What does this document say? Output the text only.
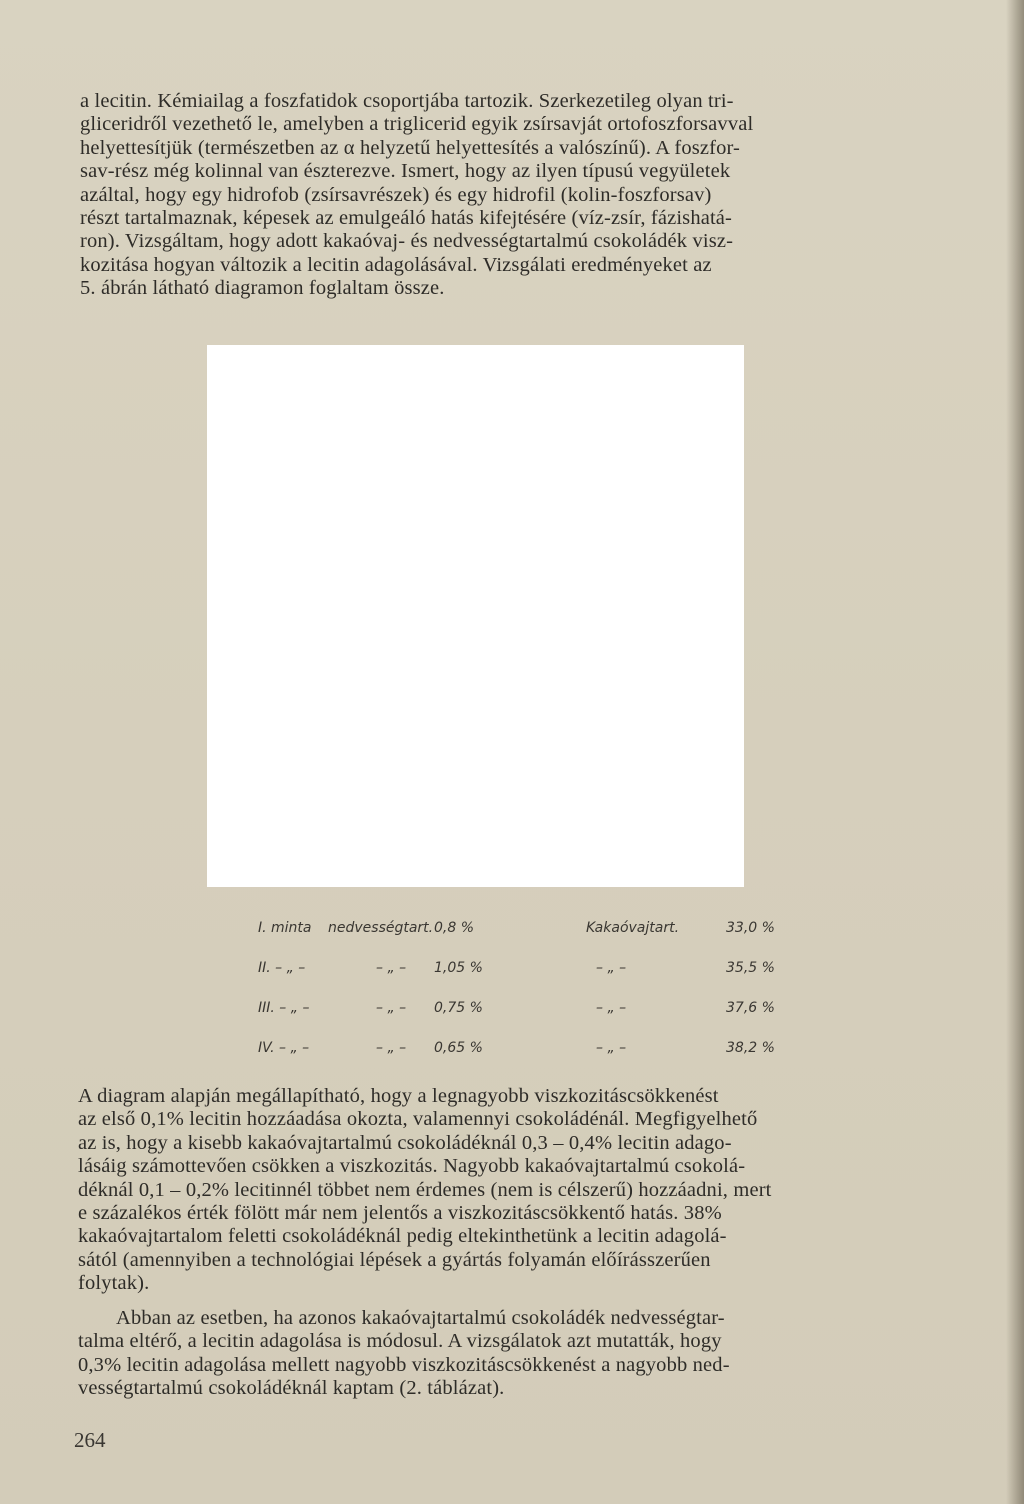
a lecitin. Kémiailag a foszfatidok csoportjába tartozik. Szerkezetileg olyan tri-
gliceridről vezethető le, amelyben a triglicerid egyik zsírsavját ortofoszforsavval
helyettesítjük (természetben az α helyzetű helyettesítés a valószínű). A foszfor-
sav-rész még kolinnal van észterezve. Ismert, hogy az ilyen típusú vegyületek
azáltal, hogy egy hidrofob (zsírsavrészek) és egy hidrofil (kolin-foszforsav)
részt tartalmaznak, képesek az emulgeáló hatás kifejtésére (víz-zsír, fázishatá-
ron). Vizsgáltam, hogy adott kakaóvaj- és nedvességtartalmú csokoládék visz-
kozitása hogyan változik a lecitin adagolásával. Vizsgálati eredményeket az
5. ábrán látható diagramon foglaltam össze.
I. minta nedvességtart. 0,8 %	Kakaóvajtart.	33,0 %
II. – „ –	– „ – 1,05 %	– „ –	35,5 %
III. – „ –	– „ – 0,75 %	– „ –	37,6 %
IV. – „ –	– „ – 0,65 %	– „ –	38,2 %
A diagram alapján megállapítható, hogy a legnagyobb viszkozitáscsökkenést
az első 0,1% lecitin hozzáadása okozta, valamennyi csokoládénál. Megfigyelhető
az is, hogy a kisebb kakaóvajtartalmú csokoládéknál 0,3 – 0,4% lecitin adago-
lásáig számottevően csökken a viszkozitás. Nagyobb kakaóvajtartalmú csokolá-
déknál 0,1 – 0,2% lecitinnél többet nem érdemes (nem is célszerű) hozzáadni, mert
e százalékos érték fölött már nem jelentős a viszkozitáscsökkentő hatás. 38%
kakaóvajtartalom feletti csokoládéknál pedig eltekinthetünk a lecitin adagolá-
sától (amennyiben a technológiai lépések a gyártás folyamán előírásszerűen
folytak).
Abban az esetben, ha azonos kakaóvajtartalmú csokoládék nedvességtar-
talma eltérő, a lecitin adagolása is módosul. A vizsgálatok azt mutatták, hogy
0,3% lecitin adagolása mellett nagyobb viszkozitáscsökkenést a nagyobb ned-
vességtartalmú csokoládéknál kaptam (2. táblázat).
264
